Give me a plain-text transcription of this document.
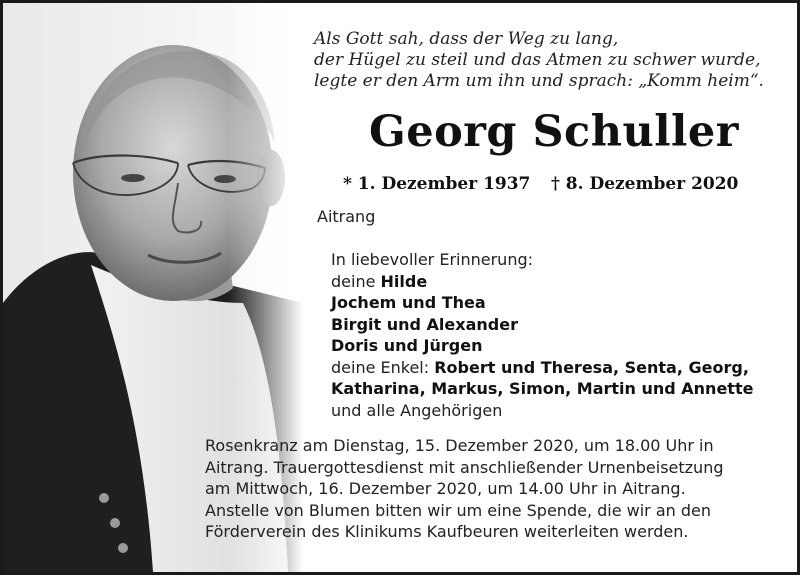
Als Gott sah, dass der Weg zu lang,
der Hügel zu steil und das Atmen zu schwer wurde,
legte er den Arm um ihn und sprach: „Komm heim“.
Georg Schuller
* 1. Dezember 1937 † 8. Dezember 2020
Aitrang
In liebevoller Erinnerung:
deine Hilde
Jochem und Thea
Birgit und Alexander
Doris und Jürgen
deine Enkel: Robert und Theresa, Senta, Georg,
Katharina, Markus, Simon, Martin und Annette
und alle Angehörigen
Rosenkranz am Dienstag, 15. Dezember 2020, um 18.00 Uhr in
Aitrang. Trauergottesdienst mit anschließender Urnenbeisetzung
am Mittwoch, 16. Dezember 2020, um 14.00 Uhr in Aitrang.
Anstelle von Blumen bitten wir um eine Spende, die wir an den
Förderverein des Klinikums Kaufbeuren weiterleiten werden.
